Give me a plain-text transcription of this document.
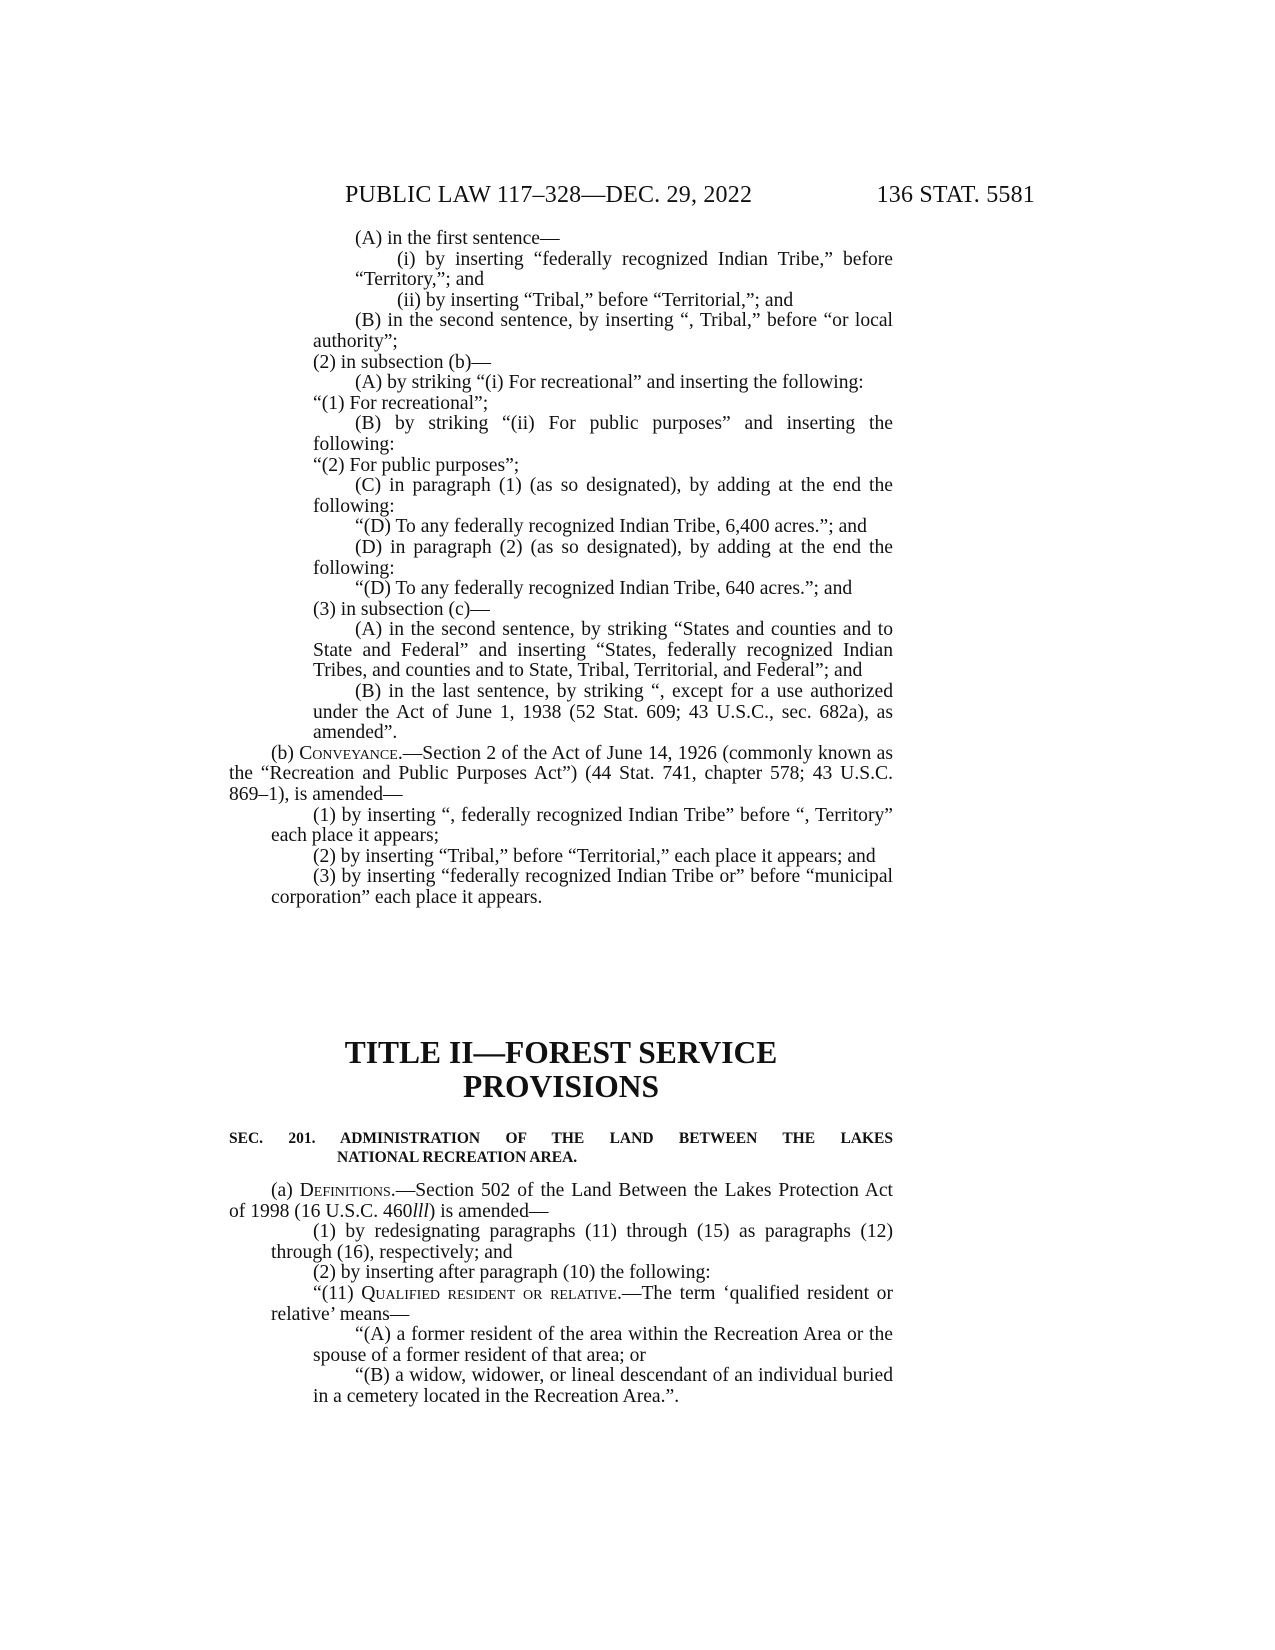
PUBLIC LAW 117–328—DEC. 29, 2022	136 STAT. 5581
(A) in the first sentence—
(i) by inserting “federally recognized Indian Tribe,” before “Territory,”; and
(ii) by inserting “Tribal,” before “Territorial,”; and
(B) in the second sentence, by inserting “, Tribal,” before “or local authority”;
(2) in subsection (b)—
(A) by striking “(i) For recreational” and inserting the following:
“(1) For recreational”;
(B) by striking “(ii) For public purposes” and inserting the following:
“(2) For public purposes”;
(C) in paragraph (1) (as so designated), by adding at the end the following:
“(D) To any federally recognized Indian Tribe, 6,400 acres.”; and
(D) in paragraph (2) (as so designated), by adding at the end the following:
“(D) To any federally recognized Indian Tribe, 640 acres.”; and
(3) in subsection (c)—
(A) in the second sentence, by striking “States and counties and to State and Federal” and inserting “States, federally recognized Indian Tribes, and counties and to State, Tribal, Territorial, and Federal”; and
(B) in the last sentence, by striking “, except for a use authorized under the Act of June 1, 1938 (52 Stat. 609; 43 U.S.C., sec. 682a), as amended”.
(b) Conveyance.—Section 2 of the Act of June 14, 1926 (commonly known as the “Recreation and Public Purposes Act”) (44 Stat. 741, chapter 578; 43 U.S.C. 869–1), is amended—
(1) by inserting “, federally recognized Indian Tribe” before “, Territory” each place it appears;
(2) by inserting “Tribal,” before “Territorial,” each place it appears; and
(3) by inserting “federally recognized Indian Tribe or” before “municipal corporation” each place it appears.
TITLE II—FOREST SERVICE
PROVISIONS
SEC. 201. ADMINISTRATION OF THE LAND BETWEEN THE LAKES
NATIONAL RECREATION AREA.
(a) Definitions.—Section 502 of the Land Between the Lakes Protection Act of 1998 (16 U.S.C. 460lll) is amended—
(1) by redesignating paragraphs (11) through (15) as paragraphs (12) through (16), respectively; and
(2) by inserting after paragraph (10) the following:
“(11) Qualified resident or relative.—The term ‘qualified resident or relative’ means—
“(A) a former resident of the area within the Recreation Area or the spouse of a former resident of that area; or
“(B) a widow, widower, or lineal descendant of an individual buried in a cemetery located in the Recreation Area.”.
